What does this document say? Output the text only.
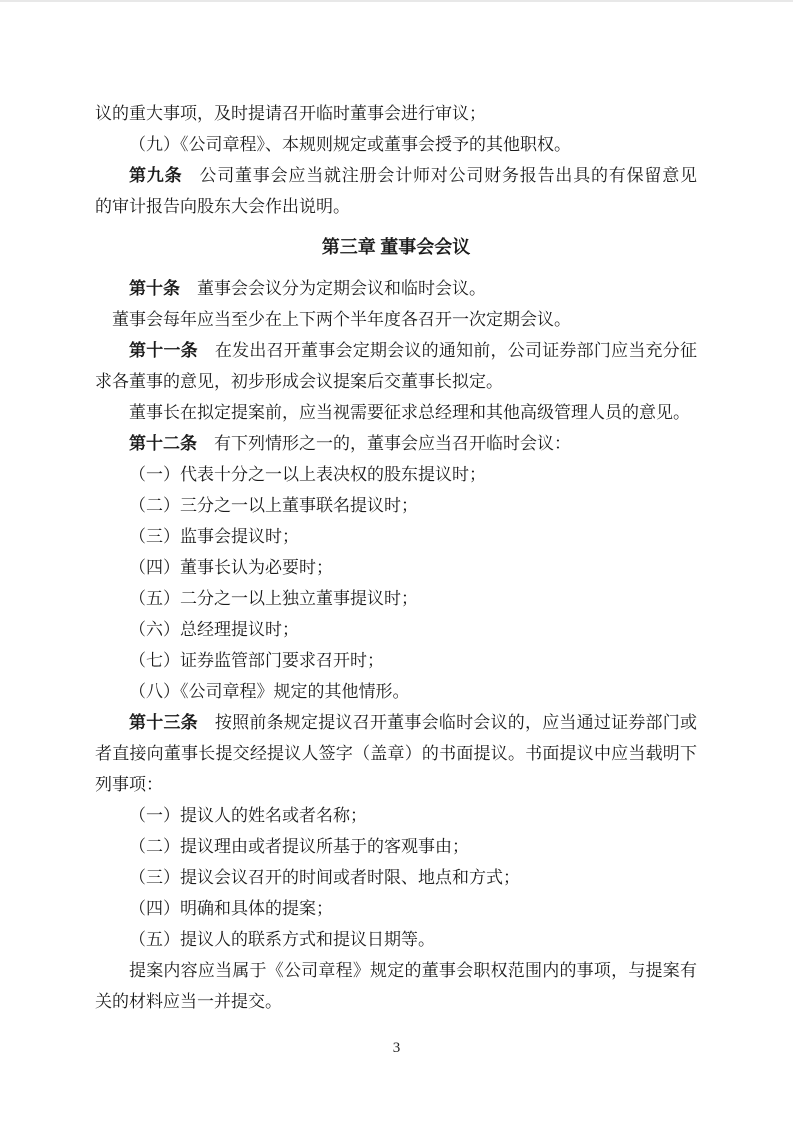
议的重大事项，及时提请召开临时董事会进行审议；
（九）《公司章程》、本规则规定或董事会授予的其他职权。
第九条 公司董事会应当就注册会计师对公司财务报告出具的有保留意见
的审计报告向股东大会作出说明。
第三章 董事会会议
第十条 董事会会议分为定期会议和临时会议。
董事会每年应当至少在上下两个半年度各召开一次定期会议。
第十一条 在发出召开董事会定期会议的通知前，公司证券部门应当充分征
求各董事的意见，初步形成会议提案后交董事长拟定。
董事长在拟定提案前，应当视需要征求总经理和其他高级管理人员的意见。
第十二条 有下列情形之一的，董事会应当召开临时会议：
（一）代表十分之一以上表决权的股东提议时；
（二）三分之一以上董事联名提议时；
（三）监事会提议时；
（四）董事长认为必要时；
（五）二分之一以上独立董事提议时；
（六）总经理提议时；
（七）证券监管部门要求召开时；
（八）《公司章程》规定的其他情形。
第十三条 按照前条规定提议召开董事会临时会议的，应当通过证券部门或
者直接向董事长提交经提议人签字（盖章）的书面提议。书面提议中应当载明下
列事项：
（一）提议人的姓名或者名称；
（二）提议理由或者提议所基于的客观事由；
（三）提议会议召开的时间或者时限、地点和方式；
（四）明确和具体的提案；
（五）提议人的联系方式和提议日期等。
提案内容应当属于《公司章程》规定的董事会职权范围内的事项，与提案有
关的材料应当一并提交。
3
